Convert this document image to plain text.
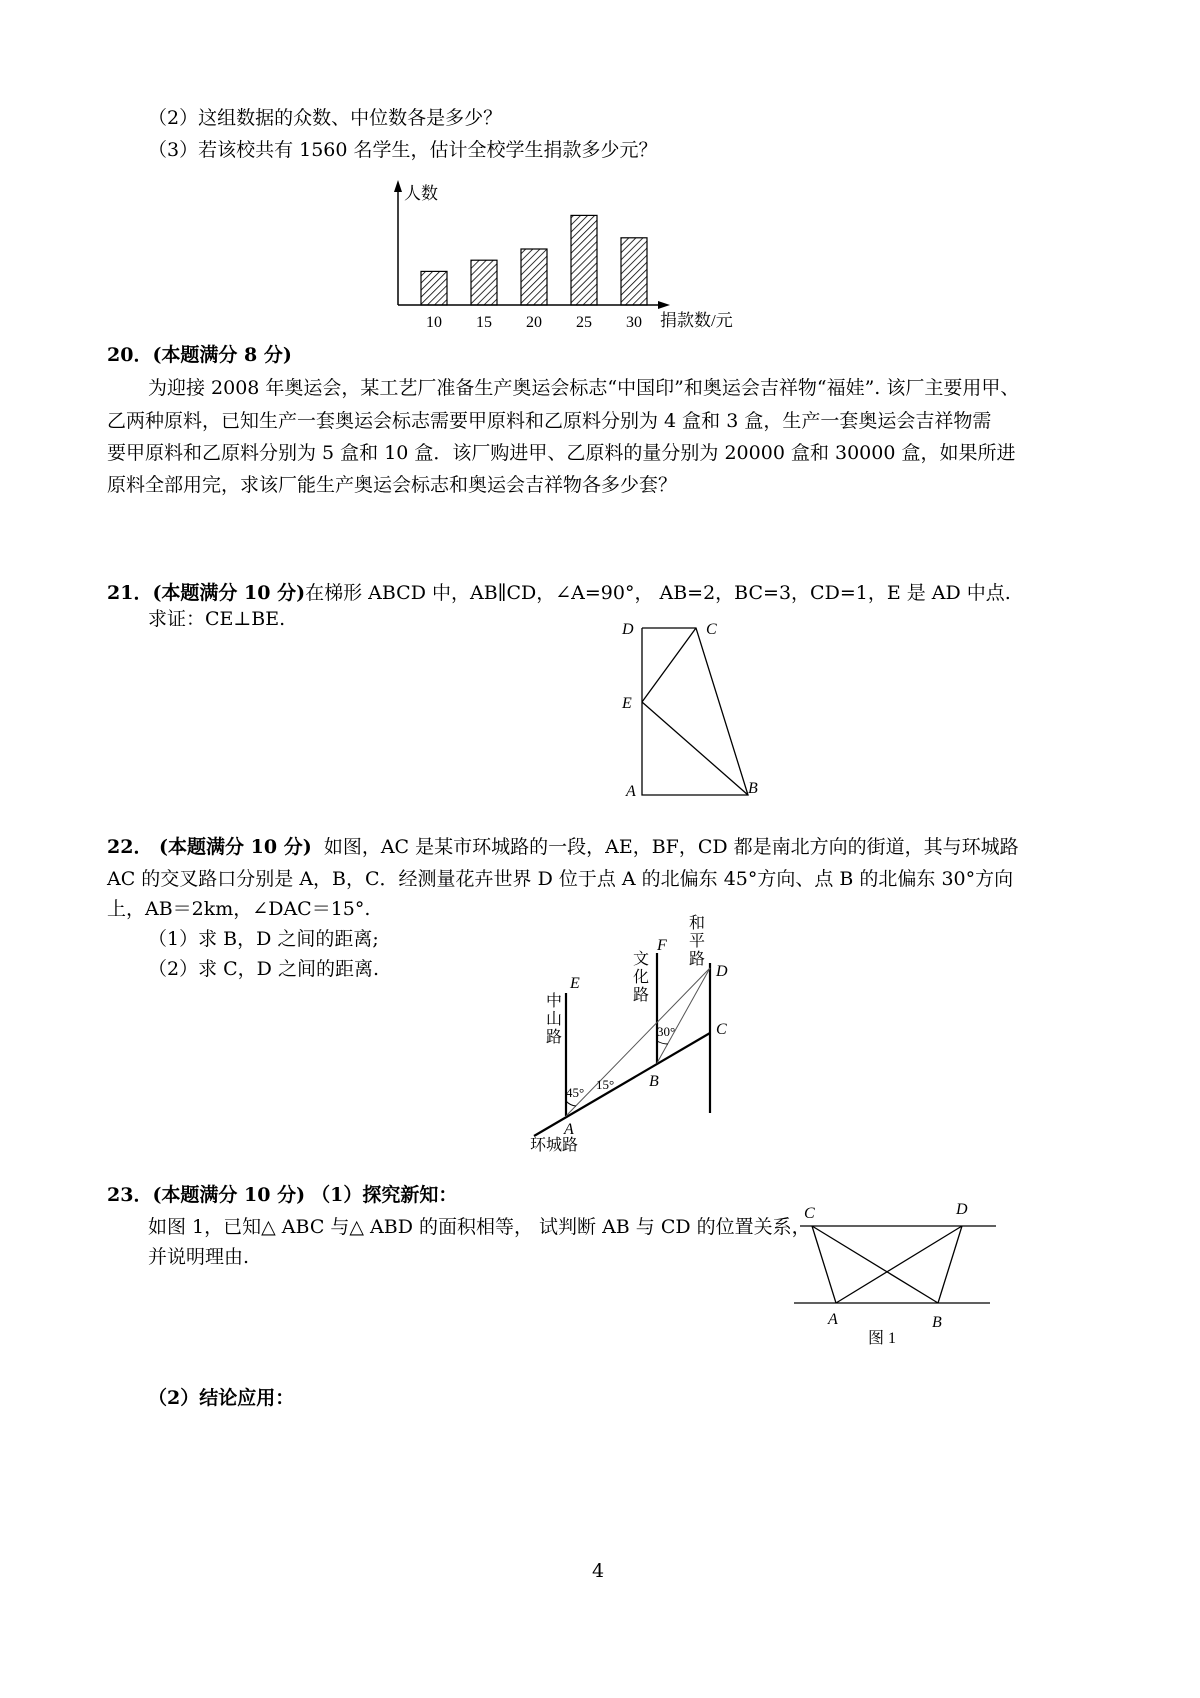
（2）这组数据的众数、中位数各是多少？
（3）若该校共有 1560 名学生，估计全校学生捐款多少元？
人数
捐款数/元
10 15 20 25 30
20．(本题满分 8 分)
为迎接 2008 年奥运会，某工艺厂准备生产奥运会标志“中国印”和奥运会吉祥物“福娃”. 该厂主要用甲、
乙两种原料，已知生产一套奥运会标志需要甲原料和乙原料分别为 4 盒和 3 盒，生产一套奥运会吉祥物需
要甲原料和乙原料分别为 5 盒和 10 盒．该厂购进甲、乙原料的量分别为 20000 盒和 30000 盒，如果所进
原料全部用完，求该厂能生产奥运会标志和奥运会吉祥物各多少套？
21．(本题满分 10 分)在梯形 ABCD 中，AB∥CD，∠A=90°， AB=2，BC=3，CD=1，E 是 AD 中点.
求证：CE⊥BE.	D	C
E
A	B
22． (本题满分 10 分) 如图，AC 是某市环城路的一段，AE，BF，CD 都是南北方向的街道，其与环城路
AC 的交叉路口分别是 A，B，C．经测量花卉世界 D 位于点 A 的北偏东 45°方向、点 B 的北偏东 30°方向
上，AB＝2km，∠DAC＝15°.
（1）求 B，D 之间的距离;
（2）求 C，D 之间的距离.
中山路
文化路
和平路
环城路
E
F
D
C
B
A
45°
15°
30°
23．(本题满分 10 分) （1）探究新知：
如图 1，已知△ ABC 与△ ABD 的面积相等， 试判断 AB 与 CD 的位置关系，
并说明理由.
C	D
A	B
图 1
（2）结论应用：
4
